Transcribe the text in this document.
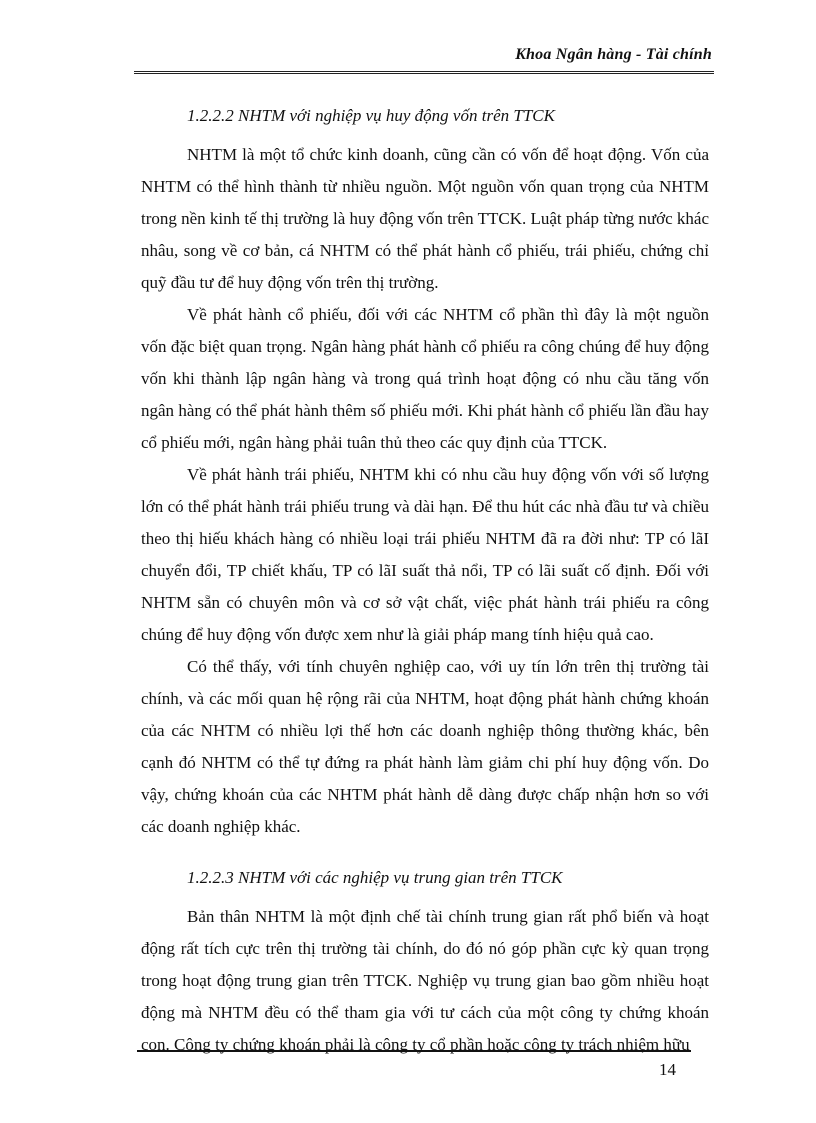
Khoa Ngân hàng - Tài chính
1.2.2.2 NHTM với nghiệp vụ huy động vốn trên TTCK

NHTM là một tổ chức kinh doanh, cũng cần có vốn để hoạt động. Vốn của NHTM có thể hình thành từ nhiều nguồn. Một nguồn vốn quan trọng của NHTM trong nền kinh tế thị trường là huy động vốn trên TTCK. Luật pháp từng nước khác nhâu, song về cơ bản, cá NHTM có thể phát hành cổ phiếu, trái phiếu, chứng chỉ quỹ đầu tư để huy động vốn trên thị trường.

Về phát hành cổ phiếu, đối với các NHTM cổ phần thì đây là một nguồn vốn đặc biệt quan trọng. Ngân hàng phát hành cổ phiếu ra công chúng để huy động vốn khi thành lập ngân hàng và trong quá trình hoạt động có nhu cầu tăng vốn ngân hàng có thể phát hành thêm số phiếu mới. Khi phát hành cổ phiếu lần đầu hay cổ phiếu mới, ngân hàng phải tuân thủ theo các quy định của TTCK.

Về phát hành trái phiếu, NHTM khi có nhu cầu huy động vốn với số lượng lớn có thể phát hành trái phiếu trung và dài hạn. Để thu hút các nhà đầu tư và chiều theo thị hiếu khách hàng có nhiều loại trái phiếu NHTM đã ra đời như: TP có lãI chuyển đổi, TP chiết khấu, TP có lãI suất thả nổi, TP có lãi suất cố định. Đối với NHTM sẵn có chuyên môn và cơ sở vật chất, việc phát hành trái phiếu ra công chúng để huy động vốn được xem như là giải pháp mang tính hiệu quả cao.

Có thể thấy, với tính chuyên nghiệp cao, với uy tín lớn trên thị trường tài chính, và các mối quan hệ rộng rãi của NHTM, hoạt động phát hành chứng khoán của các NHTM có nhiều lợi thế hơn các doanh nghiệp thông thường khác, bên cạnh đó NHTM có thể tự đứng ra phát hành làm giảm chi phí huy động vốn. Do vậy, chứng khoán của các NHTM phát hành dễ dàng được chấp nhận hơn so với các doanh nghiệp khác.

1.2.2.3 NHTM với các nghiệp vụ trung gian trên TTCK

Bản thân NHTM là một định chế tài chính trung gian rất phổ biến và hoạt động rất tích cực trên thị trường tài chính, do đó nó góp phần cực kỳ quan trọng trong hoạt động trung gian trên TTCK. Nghiệp vụ trung gian bao gồm nhiều hoạt động mà NHTM đều có thể tham gia với tư cách của một công ty chứng khoán con. Công ty chứng khoán phải là công ty cổ phần hoặc công ty trách nhiệm hữu

14
